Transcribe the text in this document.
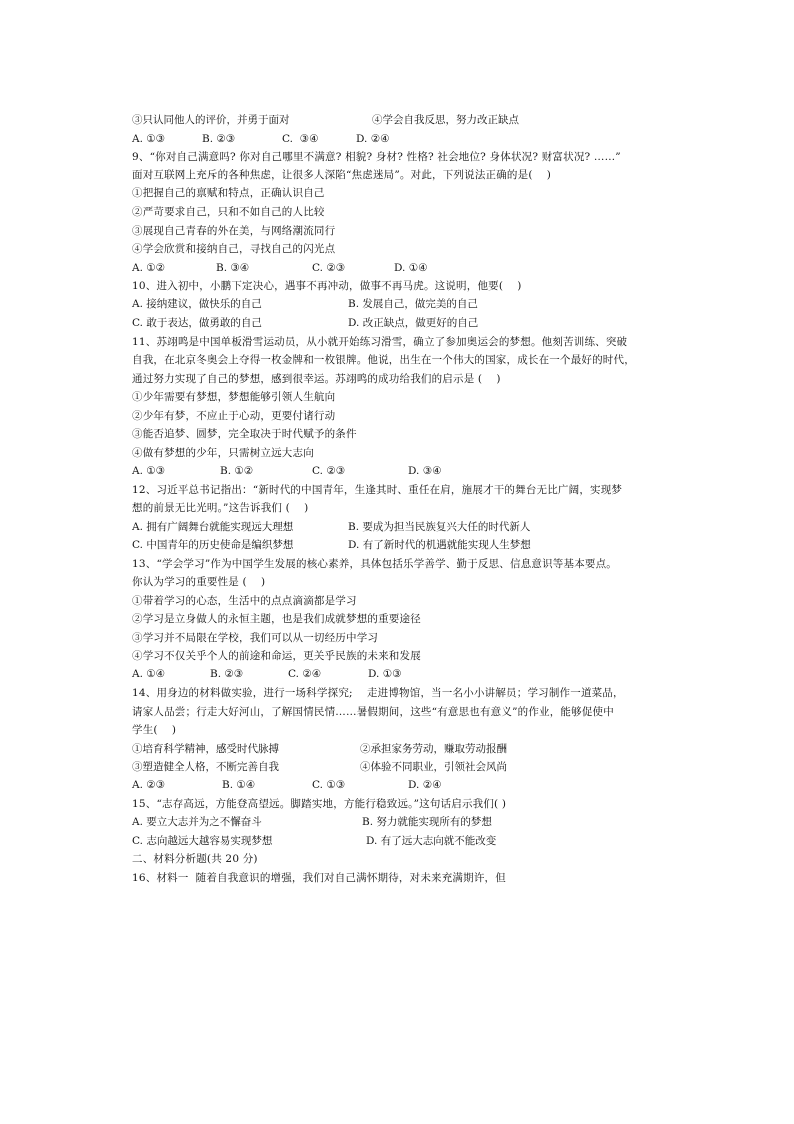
③只认同他人的评价，并勇于面对	④学会自我反思，努力改正缺点
A. ①③	B. ②③	C.  ③④	D. ②④
9、“你对自己满意吗? 你对自己哪里不满意? 相貌? 身材? 性格? 社会地位? 身体状况? 财富状况? ……”
面对互联网上充斥的各种焦虑，让很多人深陷“焦虑迷局”。对此，下列说法正确的是(    )
①把握自己的禀赋和特点，正确认识自己
②严苛要求自己，只和不如自己的人比较
③展现自己青春的外在美，与网络潮流同行
④学会欣赏和接纳自己，寻找自己的闪光点
A. ①②	B. ③④	C. ②③	D. ①④
10、进入初中，小鹏下定决心，遇事不再冲动，做事不再马虎。这说明，他要(    )
A. 接纳建议，做快乐的自己	B. 发展自己，做完美的自己
C. 敢于表达，做勇敢的自己	D. 改正缺点，做更好的自己
11、苏翊鸣是中国单板滑雪运动员，从小就开始练习滑雪，确立了参加奥运会的梦想。他刻苦训练、突破
自我，在北京冬奥会上夺得一枚金牌和一枚银牌。他说，出生在一个伟大的国家，成长在一个最好的时代，
通过努力实现了自己的梦想，感到很幸运。苏翊鸣的成功给我们的启示是 (    )
①少年需要有梦想，梦想能够引领人生航向
②少年有梦，不应止于心动，更要付诸行动
③能否追梦、圆梦，完全取决于时代赋予的条件
④做有梦想的少年，只需树立远大志向
A. ①③	B. ①②	C. ②③	D. ③④
12、习近平总书记指出：“新时代的中国青年，生逢其时、重任在肩，施展才干的舞台无比广阔，实现梦
想的前景无比光明。”这告诉我们 (    )
A. 拥有广阔舞台就能实现远大理想	B. 要成为担当民族复兴大任的时代新人
C. 中国青年的历史使命是编织梦想	D. 有了新时代的机遇就能实现人生梦想
13、“学会学习”作为中国学生发展的核心素养，具体包括乐学善学、勤于反思、信息意识等基本要点。
你认为学习的重要性是 (    )
①带着学习的心态，生活中的点点滴滴都是学习
②学习是立身做人的永恒主题，也是我们成就梦想的重要途径
③学习并不局限在学校，我们可以从一切经历中学习
④学习不仅关乎个人的前途和命运，更关乎民族的未来和发展
A. ①④	B. ②③	C. ②④	D. ①③
14、用身边的材料做实验，进行一场科学探究;    走进博物馆，当一名小小讲解员；学习制作一道菜品，
请家人品尝；行走大好河山，了解国情民情……暑假期间，这些“有意思也有意义”的作业，能够促使中
学生(    )
①培育科学精神，感受时代脉搏	②承担家务劳动，赚取劳动报酬
③塑造健全人格，不断完善自我	④体验不同职业，引领社会风尚
A. ②③	B. ①④	C. ①③	D. ②④
15、“志存高远，方能登高望远。脚踏实地，方能行稳致远。”这句话启示我们( )
A. 要立大志并为之不懈奋斗	B. 努力就能实现所有的梦想
C. 志向越远大越容易实现梦想	D. 有了远大志向就不能改变
二、材料分析题(共 20 分)
16、材料一  随着自我意识的增强，我们对自己满怀期待，对未来充满期许，但
